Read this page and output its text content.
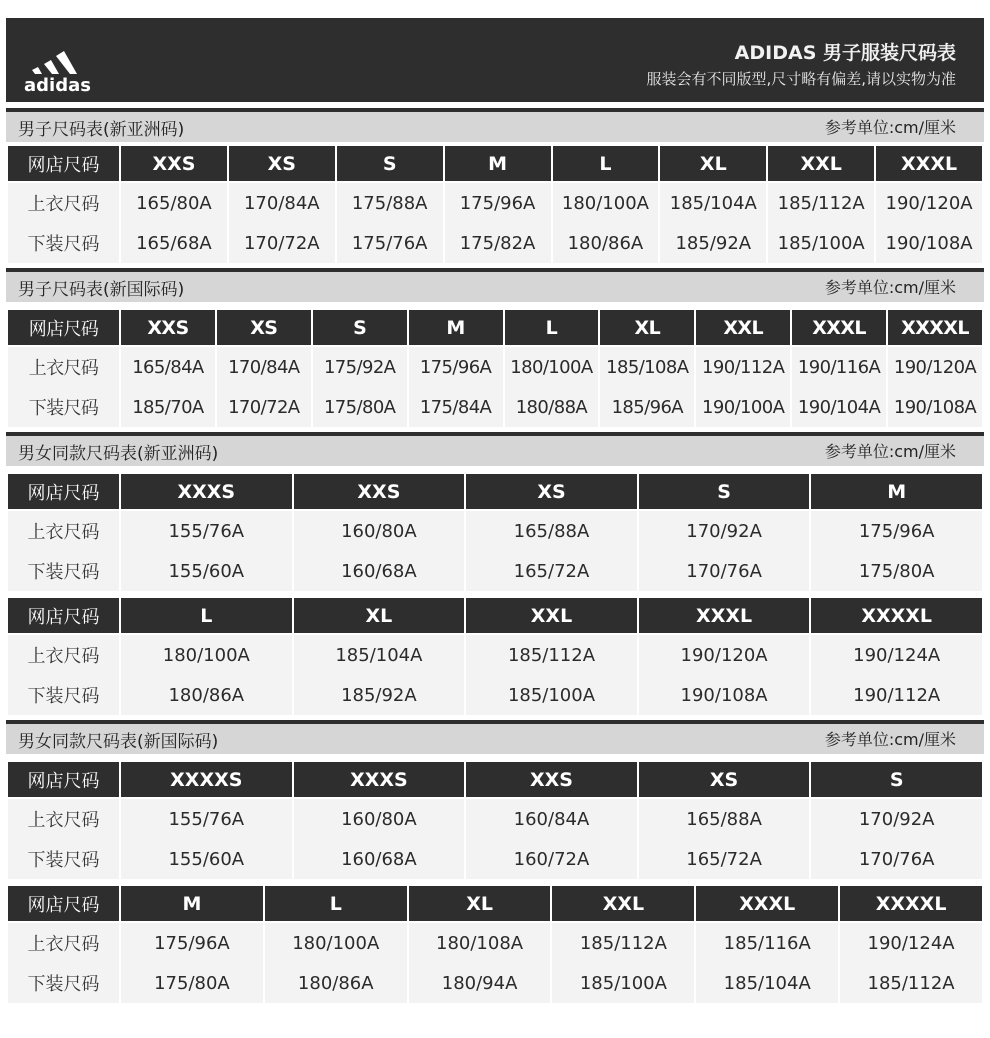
adidas
ADIDAS 男子服装尺码表
服装会有不同版型,尺寸略有偏差,请以实物为准
男子尺码表(新亚洲码)	参考单位:cm/厘米
网店尺码	XXS	XS	S	M	L	XL	XXL	XXXL
上衣尺码	165/80A	170/84A	175/88A	175/96A	180/100A	185/104A	185/112A	190/120A
下装尺码	165/68A	170/72A	175/76A	175/82A	180/86A	185/92A	185/100A	190/108A
男子尺码表(新国际码)	参考单位:cm/厘米
网店尺码	XXS	XS	S	M	L	XL	XXL	XXXL	XXXXL
上衣尺码	165/84A	170/84A	175/92A	175/96A	180/100A	185/108A	190/112A	190/116A	190/120A
下装尺码	185/70A	170/72A	175/80A	175/84A	180/88A	185/96A	190/100A	190/104A	190/108A
男女同款尺码表(新亚洲码)	参考单位:cm/厘米
网店尺码	XXXS	XXS	XS	S	M
上衣尺码	155/76A	160/80A	165/88A	170/92A	175/96A
下装尺码	155/60A	160/68A	165/72A	170/76A	175/80A
网店尺码	L	XL	XXL	XXXL	XXXXL
上衣尺码	180/100A	185/104A	185/112A	190/120A	190/124A
下装尺码	180/86A	185/92A	185/100A	190/108A	190/112A
男女同款尺码表(新国际码)	参考单位:cm/厘米
网店尺码	XXXXS	XXXS	XXS	XS	S
上衣尺码	155/76A	160/80A	160/84A	165/88A	170/92A
下装尺码	155/60A	160/68A	160/72A	165/72A	170/76A
网店尺码	M	L	XL	XXL	XXXL	XXXXL
上衣尺码	175/96A	180/100A	180/108A	185/112A	185/116A	190/124A
下装尺码	175/80A	180/86A	180/94A	185/100A	185/104A	185/112A
